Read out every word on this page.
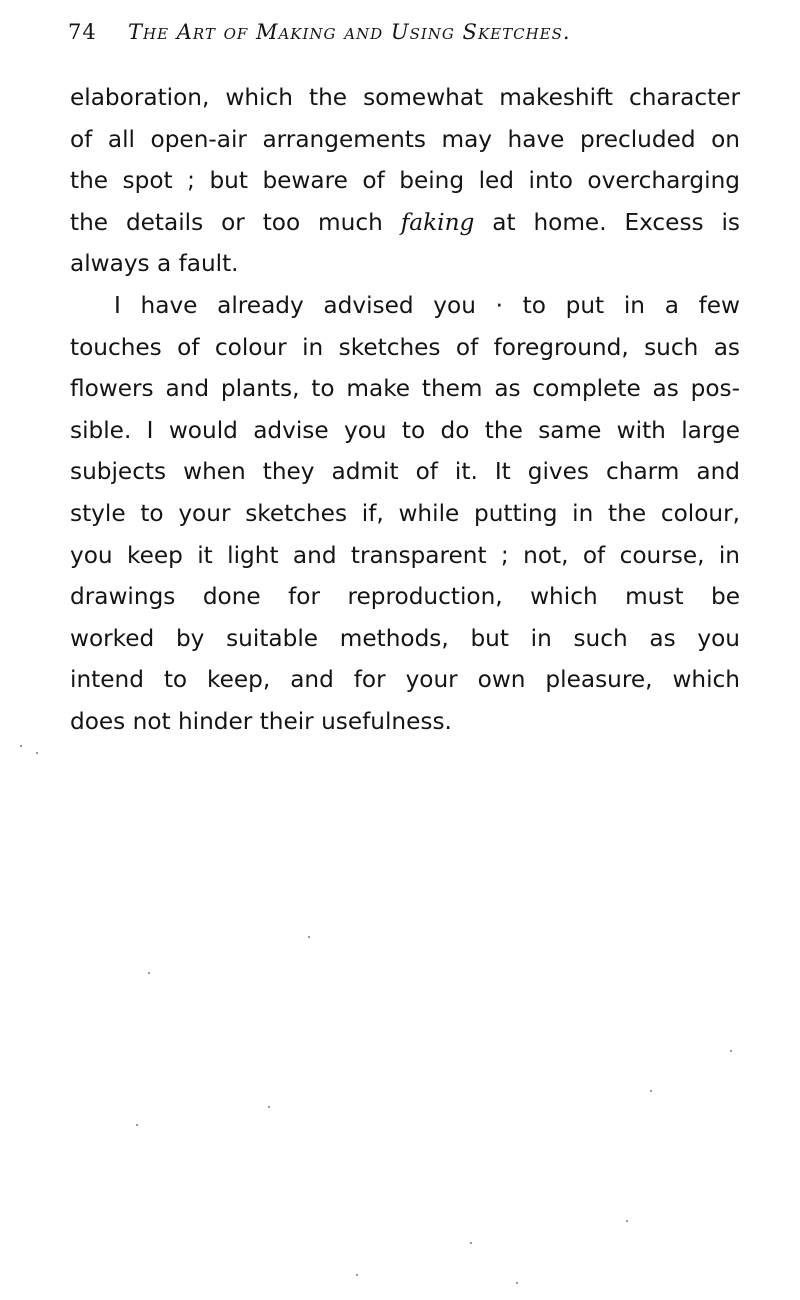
74 The Art of Making and Using Sketches.
elaboration, which the somewhat makeshift character
of all open-air arrangements may have precluded on
the spot ; but beware of being led into overcharging
the details or too much faking at home. Excess is
always a fault.
I have already advised you · to put in a few
touches of colour in sketches of foreground, such as
flowers and plants, to make them as complete as pos-
sible. I would advise you to do the same with large
subjects when they admit of it. It gives charm and
style to your sketches if, while putting in the colour,
you keep it light and transparent ; not, of course, in
drawings done for reproduction, which must be
worked by suitable methods, but in such as you
intend to keep, and for your own pleasure, which
does not hinder their usefulness.
